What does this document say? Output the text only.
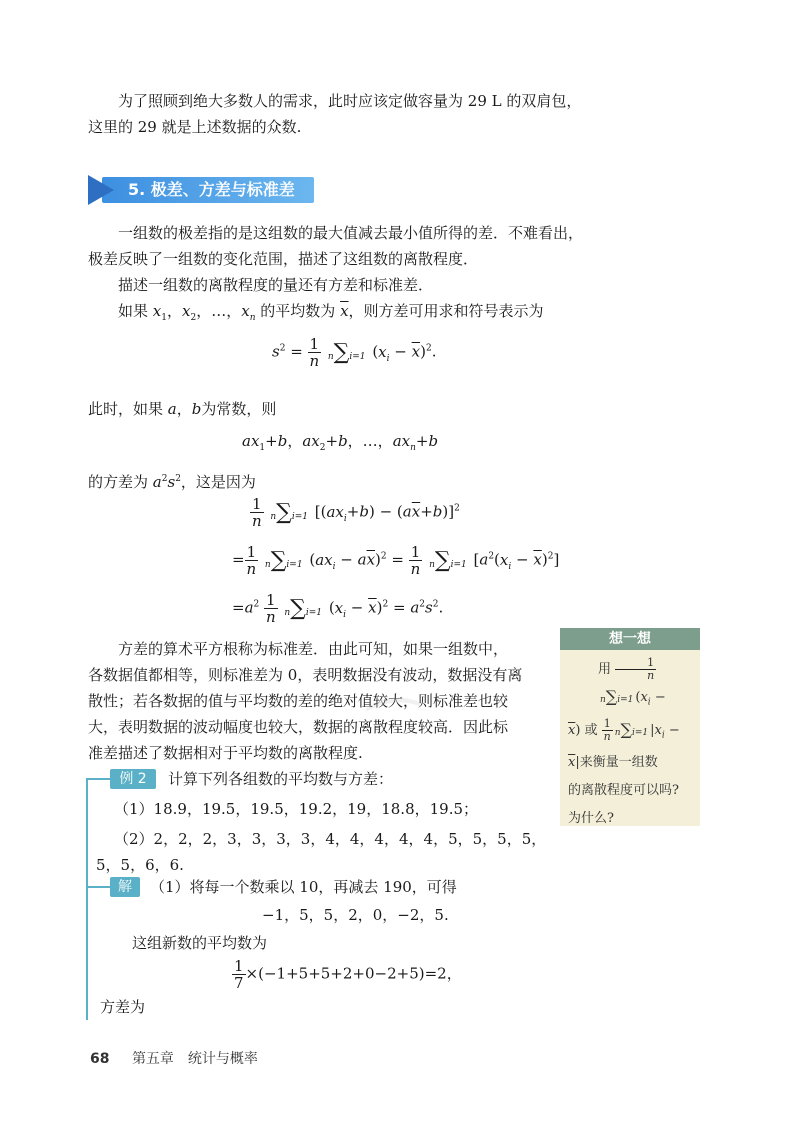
为了照顾到绝大多数人的需求，此时应该定做容量为 29 L 的双肩包，
这里的 29 就是上述数据的众数.
5. 极差、方差与标准差
一组数的极差指的是这组数的最大值减去最小值所得的差．不难看出，
极差反映了一组数的变化范围，描述了这组数的离散程度．
描述一组数的离散程度的量还有方差和标准差．
如果 $x_1$，$x_2$，…，$x_n$ 的平均数为 $\overline{x}$，则方差可用求和符号表示为
$s^2 = \frac{1}{n} n\sum i=1$ $(x_i - \overline{x})^2$.
此时，如果 a，b为常数，则
$ax_1+b$，$ax_2+b$，…，$ax_n+b$
的方差为 $a^2s^2$，这是因为
$\frac{1}{n} n\sum i=1$ $[(ax_i+b) - (a\overline{x}+b)]^2$
= $\frac{1}{n} n\sum i=1$ $(ax_i - a\overline{x})^2 = \frac{1}{n} n\sum i=1$ $[a^2(x_i - \overline{x})^2]$
$=a^2 \frac{1}{n} n\sum i=1$ $(x_i - \overline{x})^2 = a^2s^2$.
方差的算术平方根称为标准差．由此可知，如果一组数中，
各数据值都相等，则标准差为 0，表明数据没有波动，数据没有离
散性；若各数据的值与平均数的差的绝对值较大，则标准差也较
大，表明数据的波动幅度也较大，数据的离散程度较高．因此标
准差描述了数据相对于平均数的离散程度.
想一想
用 $\frac{1}{n}$
n∑i=1 ($x_i$ −
$\overline{x}$) 或 $\frac{1}{n} n\sum i=1$ $|x_i$ −
$\overline{x}|$来衡量一组数
的离散程度可以吗?
为什么?
⁀
例 2	计算下列各组数的平均数与方差：
（1）18.9，19.5，19.5，19.2，19，18.8，19.5；
（2）2，2，2，3，3，3，3，4，4，4，4，4，5，5，5，5，
5，5，6，6.
解	（1）将每一个数乘以 10，再减去 190，可得
−1，5，5，2，0，−2，5.
这组新数的平均数为
$\frac{1}{7} \times(-1+5+5+2+0-2+5)=2$，
方差为
68 第五章　统计与概率
